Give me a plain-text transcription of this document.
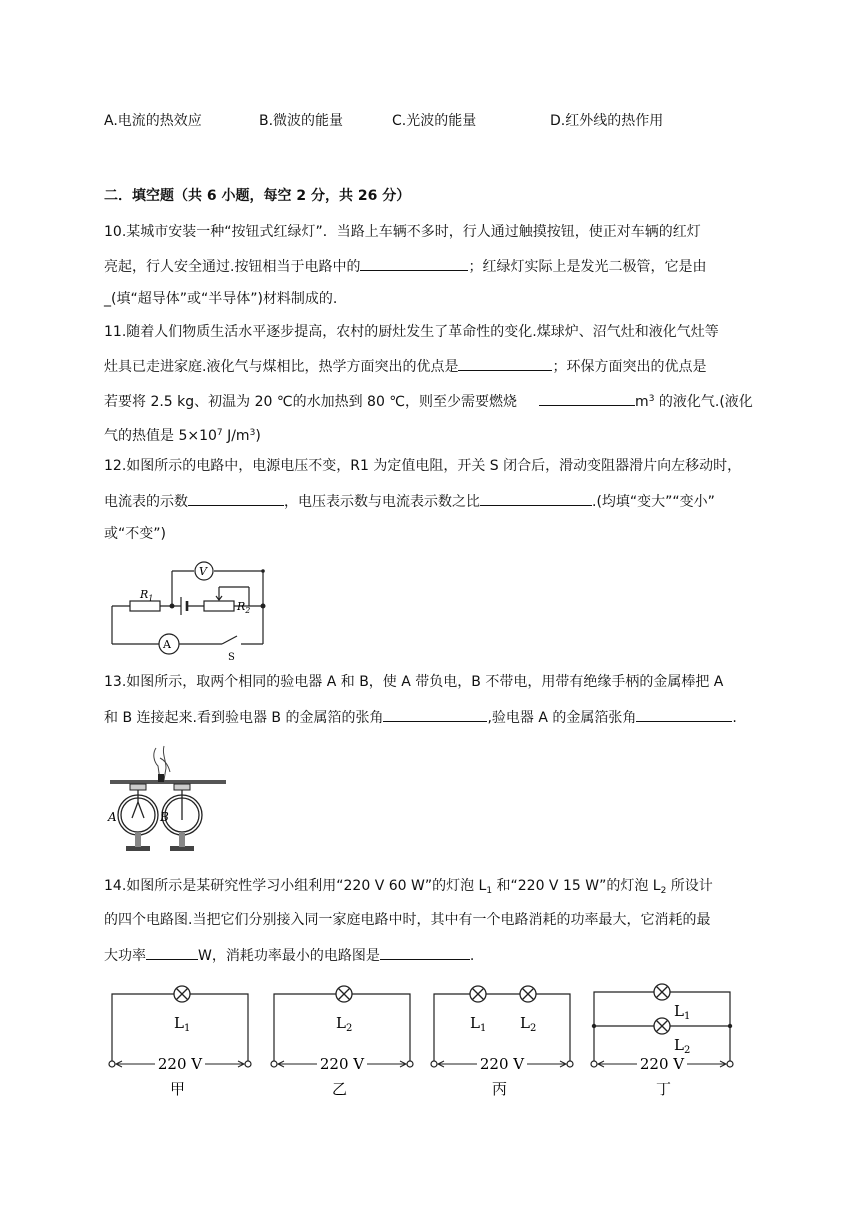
A.电流的热效应	B.微波的能量	C.光波的能量	D.红外线的热作用
二．填空题（共 6 小题，每空 2 分，共 26 分）
10.某城市安装一种“按钮式红绿灯”．当路上车辆不多时，行人通过触摸按钮，使正对车辆的红灯
亮起，行人安全通过.按钮相当于电路中的	；红绿灯实际上是发光二极管，它是由
_(填“超导体”或“半导体”)材料制成的.
11.随着人们物质生活水平逐步提高，农村的厨灶发生了革命性的变化.煤球炉、沼气灶和液化气灶等
灶具已走进家庭.液化气与煤相比，热学方面突出的优点是	；环保方面突出的优点是
若要将 2.5 kg、初温为 20 ℃的水加热到 80 ℃，则至少需要燃烧	$m^3$ 的液化气.(液化
气的热值是 $5\times 10^7$ $J/m^3$)
12.如图所示的电路中，电源电压不变，R1 为定值电阻，开关 S 闭合后，滑动变阻器滑片向左移动时，
电流表的示数	，电压表示数与电流表示数之比	.(均填“变大”“变小”
或“不变”)
V
A
$R_1$
$R_2$
S
13.如图所示，取两个相同的验电器 A 和 B，使 A 带负电，B 不带电，用带有绝缘手柄的金属棒把 A
和 B 连接起来.看到验电器 B 的金属箔的张角	,验电器 A 的金属箔张角	.
A	B
14.如图所示是某研究性学习小组利用“220 V 60 W”的灯泡 $L_1$ 和“220 V 15 W”的灯泡 $L_2$ 所设计
的四个电路图.当把它们分别接入同一家庭电路中时，其中有一个电路消耗的功率最大，它消耗的最
大功率	W，消耗功率最小的电路图是	.
220 V
$L_1$
甲
220 V
$L_2$
乙
220 V
$L_1$ $L_2$
丙
220 V
$L_1$
$L_2$
丁
